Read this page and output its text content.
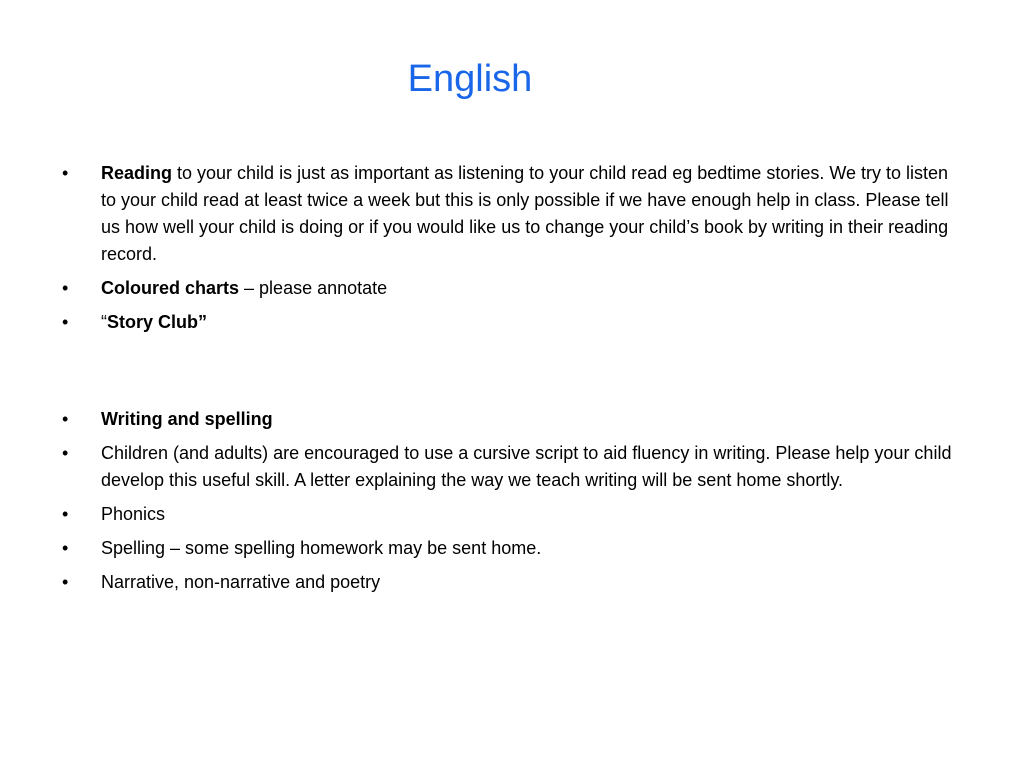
English
• Reading to your child is just as important as listening to your child read eg bedtime stories. We try to listen to your child read at least twice a week but this is only possible if we have enough help in class. Please tell us how well your child is doing or if you would like us to change your child’s book by writing in their reading record.
• Coloured charts – please annotate
• “Story Club”
• Writing and spelling
• Children (and adults) are encouraged to use a cursive script to aid fluency in writing. Please help your child develop this useful skill. A letter explaining the way we teach writing will be sent home shortly.
• Phonics
• Spelling – some spelling homework may be sent home.
• Narrative, non-narrative and poetry
